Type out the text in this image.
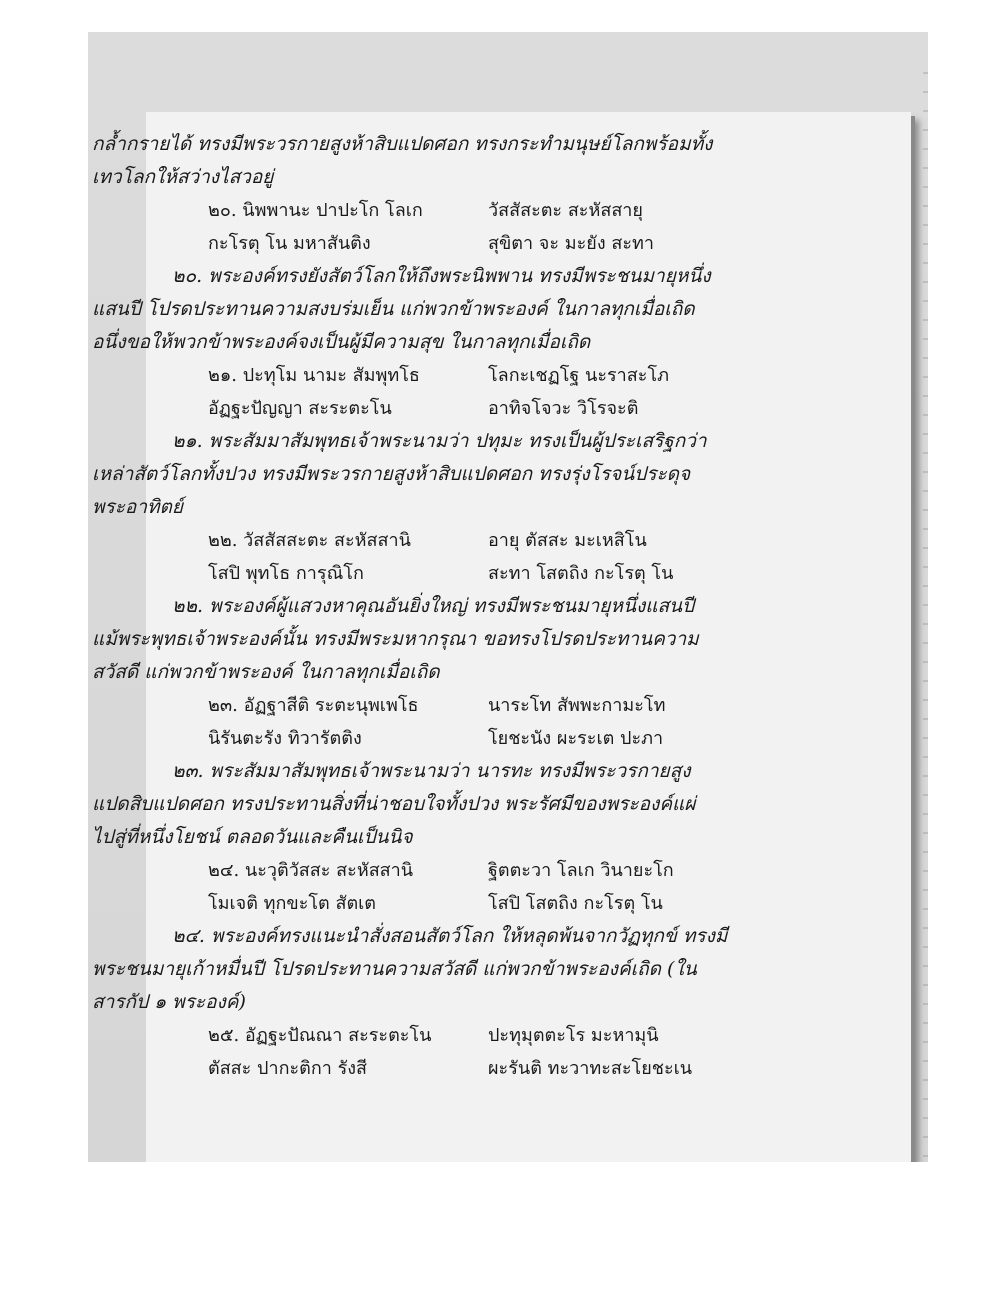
กล้ำกรายได้ ทรงมีพระวรกายสูงห้าสิบแปดศอก ทรงกระทำมนุษย์โลกพร้อมทั้ง
เทวโลกให้สว่างไสวอยู่
๒๐. นิพพานะ ปาปะโก โลเก	วัสสัสะตะ สะหัสสายุ
กะโรตุ โน มหาสันติง	สุขิตา จะ มะยัง สะทา
๒๐. พระองค์ทรงยังสัตว์โลกให้ถึงพระนิพพาน ทรงมีพระชนมายุหนึ่ง
แสนปี โปรดประทานความสงบร่มเย็น แก่พวกข้าพระองค์ ในกาลทุกเมื่อเถิด
อนึ่งขอให้พวกข้าพระองค์จงเป็นผู้มีความสุข ในกาลทุกเมื่อเถิด
๒๑. ปะทุโม นามะ สัมพุทโธ	โลกะเชฏโฐ นะราสะโภ
อัฏฐะปัญญา สะระตะโน	อาทิจโจวะ วิโรจะติ
๒๑. พระสัมมาสัมพุทธเจ้าพระนามว่า ปทุมะ ทรงเป็นผู้ประเสริฐกว่า
เหล่าสัตว์โลกทั้งปวง ทรงมีพระวรกายสูงห้าสิบแปดศอก ทรงรุ่งโรจน์ประดุจ
พระอาทิตย์
๒๒. วัสสัสสะตะ สะหัสสานิ	อายุ ตัสสะ มะเหสิโน
โสปิ พุทโธ การุณิโก	สะทา โสตถิง กะโรตุ โน
๒๒. พระองค์ผู้แสวงหาคุณอันยิ่งใหญ่ ทรงมีพระชนมายุหนึ่งแสนปี
แม้พระพุทธเจ้าพระองค์นั้น ทรงมีพระมหากรุณา ขอทรงโปรดประทานความ
สวัสดี แก่พวกข้าพระองค์ ในกาลทุกเมื่อเถิด
๒๓. อัฏฐาสีติ ระตะนุพเพโธ	นาระโท สัพพะกามะโท
นิรันตะรัง ทิวารัตติง	โยชะนัง ผะระเต ปะภา
๒๓. พระสัมมาสัมพุทธเจ้าพระนามว่า นารทะ ทรงมีพระวรกายสูง
แปดสิบแปดศอก ทรงประทานสิ่งที่น่าชอบใจทั้งปวง พระรัศมีของพระองค์แผ่
ไปสู่ที่หนึ่งโยชน์ ตลอดวันและคืนเป็นนิจ
๒๔. นะวุติวัสสะ สะหัสสานิ	ฐิตตะวา โลเก วินายะโก
โมเจติ ทุกขะโต สัตเต	โสปิ โสตถิง กะโรตุ โน
๒๔. พระองค์ทรงแนะนำสั่งสอนสัตว์โลก ให้หลุดพ้นจากวัฏทุกข์ ทรงมี
พระชนมายุเก้าหมื่นปี โปรดประทานความสวัสดี แก่พวกข้าพระองค์เถิด (ใน
สารกัป ๑ พระองค์)
๒๕. อัฏฐะปัณณา สะระตะโน	ปะทุมุตตะโร มะหามุนิ
ตัสสะ ปากะติกา รังสี	ผะรันติ ทะวาทะสะโยชะเน
